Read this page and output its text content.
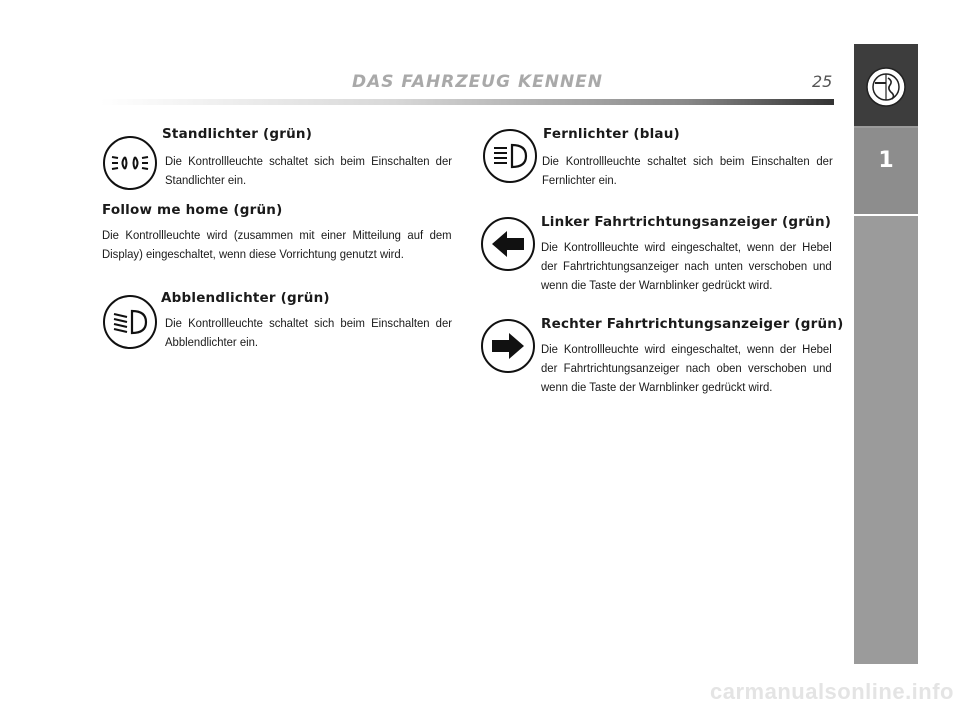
DAS FAHRZEUG KENNEN	25
1
Standlichter (grün)
Die Kontrollleuchte schaltet sich beim Einschalten der Standlichter ein.
Follow me home (grün)
Die Kontrollleuchte wird (zusammen mit einer Mitteilung auf dem Display) eingeschaltet, wenn diese Vorrichtung genutzt wird.
Abblendlichter (grün)
Die Kontrollleuchte schaltet sich beim Einschalten der Abblendlichter ein.
Fernlichter (blau)
Die Kontrollleuchte schaltet sich beim Einschalten der Fernlichter ein.
Linker Fahrtrichtungsanzeiger (grün)
Die Kontrollleuchte wird eingeschaltet, wenn der Hebel der Fahrtrichtungsanzeiger nach unten verschoben und wenn die Taste der Warnblinker gedrückt wird.
Rechter Fahrtrichtungsanzeiger (grün)
Die Kontrollleuchte wird eingeschaltet, wenn der Hebel der Fahrtrichtungsanzeiger nach oben verschoben und wenn die Taste der Warnblinker gedrückt wird.
carmanualsonline.info
